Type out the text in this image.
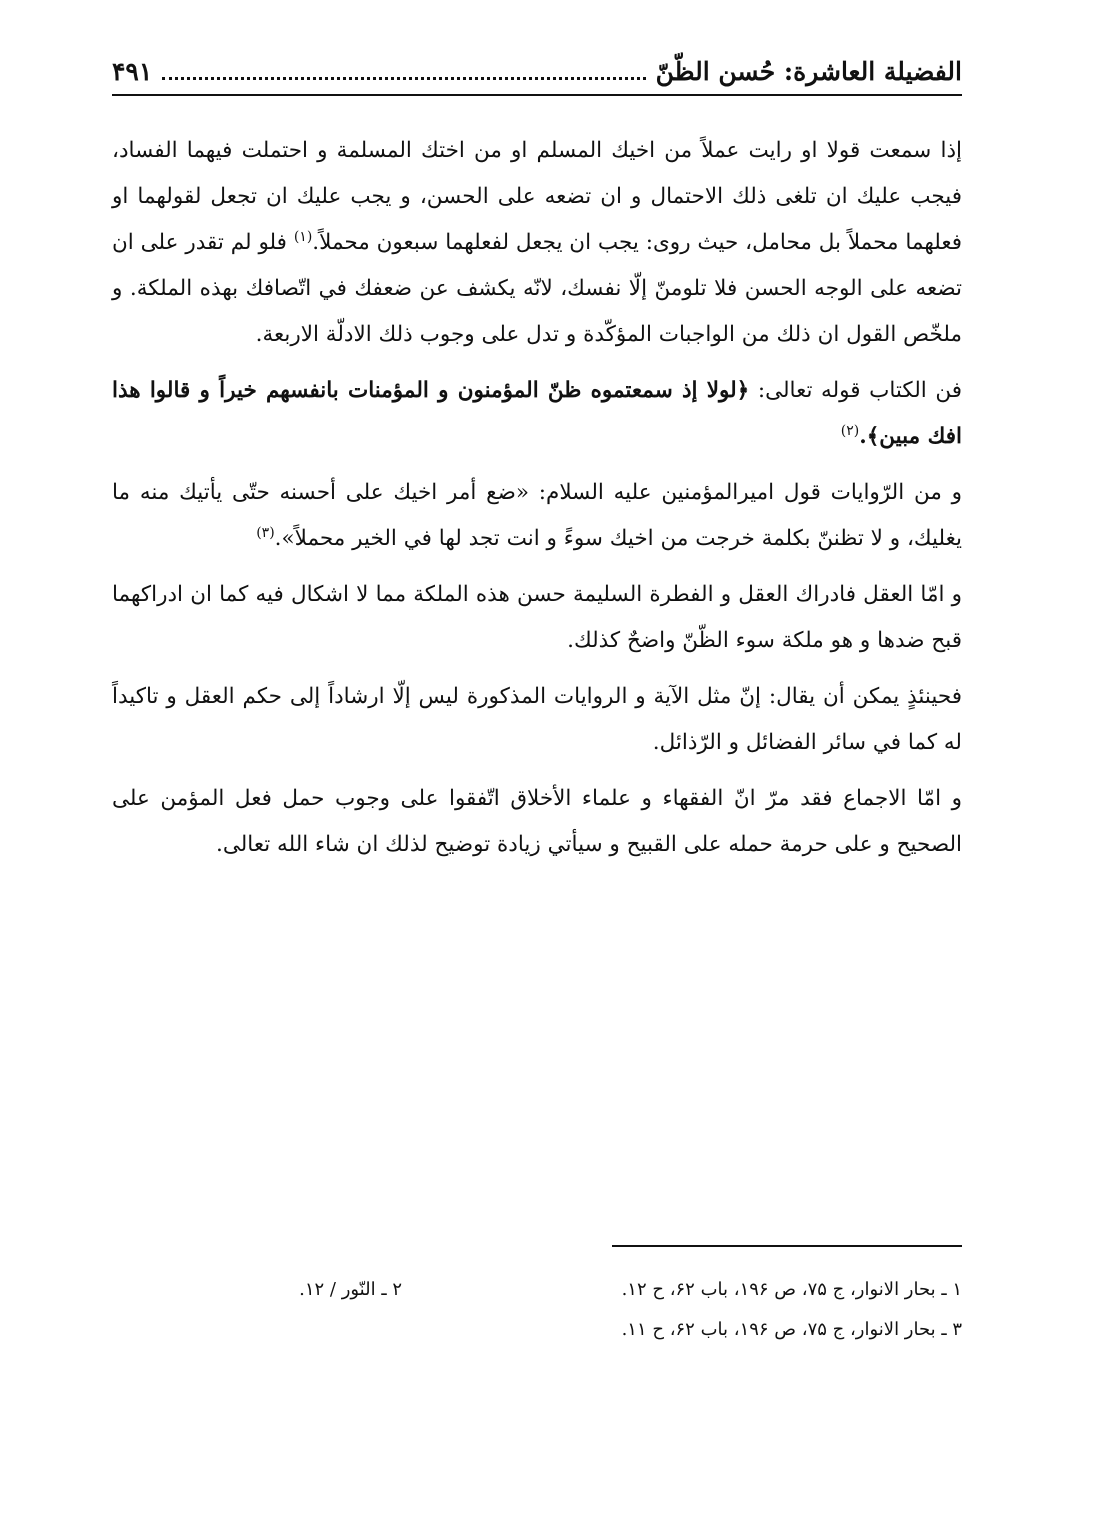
الفضيلة العاشرة: حُسن الظّنّ
۴۹۱

إذا سمعت قولا او رايت عملاً من اخيك المسلم او من اختك المسلمة و احتملت فيهما الفساد، فيجب عليك ان تلغى ذلك الاحتمال و ان تضعه على الحسن، و يجب عليك ان تجعل لقولهما او فعلهما محملاً بل محامل، حيث روى: يجب ان يجعل لفعلهما سبعون محملاً.$^{(۱)}$ فلو لم تقدر على ان تضعه على الوجه الحسن فلا تلومنّ إلّا نفسك، لانّه يكشف عن ضعفك في اتّصافك بهذه الملكة. و ملخّص القول ان ذلك من الواجبات المؤكّدة و تدل على وجوب ذلك الادلّة الاربعة.

فن الكتاب قوله تعالى: ﴿لولا إذ سمعتموه ظنّ المؤمنون و المؤمنات بانفسهم خيراً و قالوا هذا افك مبين﴾.$^{(۲)}$

و من الرّوايات قول اميرالمؤمنين عليه السلام: «ضع أمر اخيك على أحسنه حتّى يأتيك منه ما يغليك، و لا تظننّ بكلمة خرجت من اخيك سوءً و انت تجد لها في الخير محملاً».$^{(۳)}$

و امّا العقل فادراك العقل و الفطرة السليمة حسن هذه الملكة مما لا اشكال فيه كما ان ادراكهما قبح ضدها و هو ملكة سوء الظّنّ واضحٌ كذلك.

فحينئذٍ يمكن أن يقال: إنّ مثل الآية و الروايات المذكورة ليس إلّا ارشاداً إلى حكم العقل و تاكيداً له كما في سائر الفضائل و الرّذائل.

و امّا الاجماع فقد مرّ انّ الفقهاء و علماء الأخلاق اتّفقوا على وجوب حمل فعل المؤمن على الصحيح و على حرمة حمله على القبيح و سيأتي زيادة توضيح لذلك ان شاء الله تعالى.

۱ ـ بحار الانوار، ج ۷۵، ص ۱۹۶، باب ۶۲، ح ۱۲.
۲ ـ النّور / ۱۲.
۳ ـ بحار الانوار، ج ۷۵، ص ۱۹۶، باب ۶۲، ح ۱۱.
